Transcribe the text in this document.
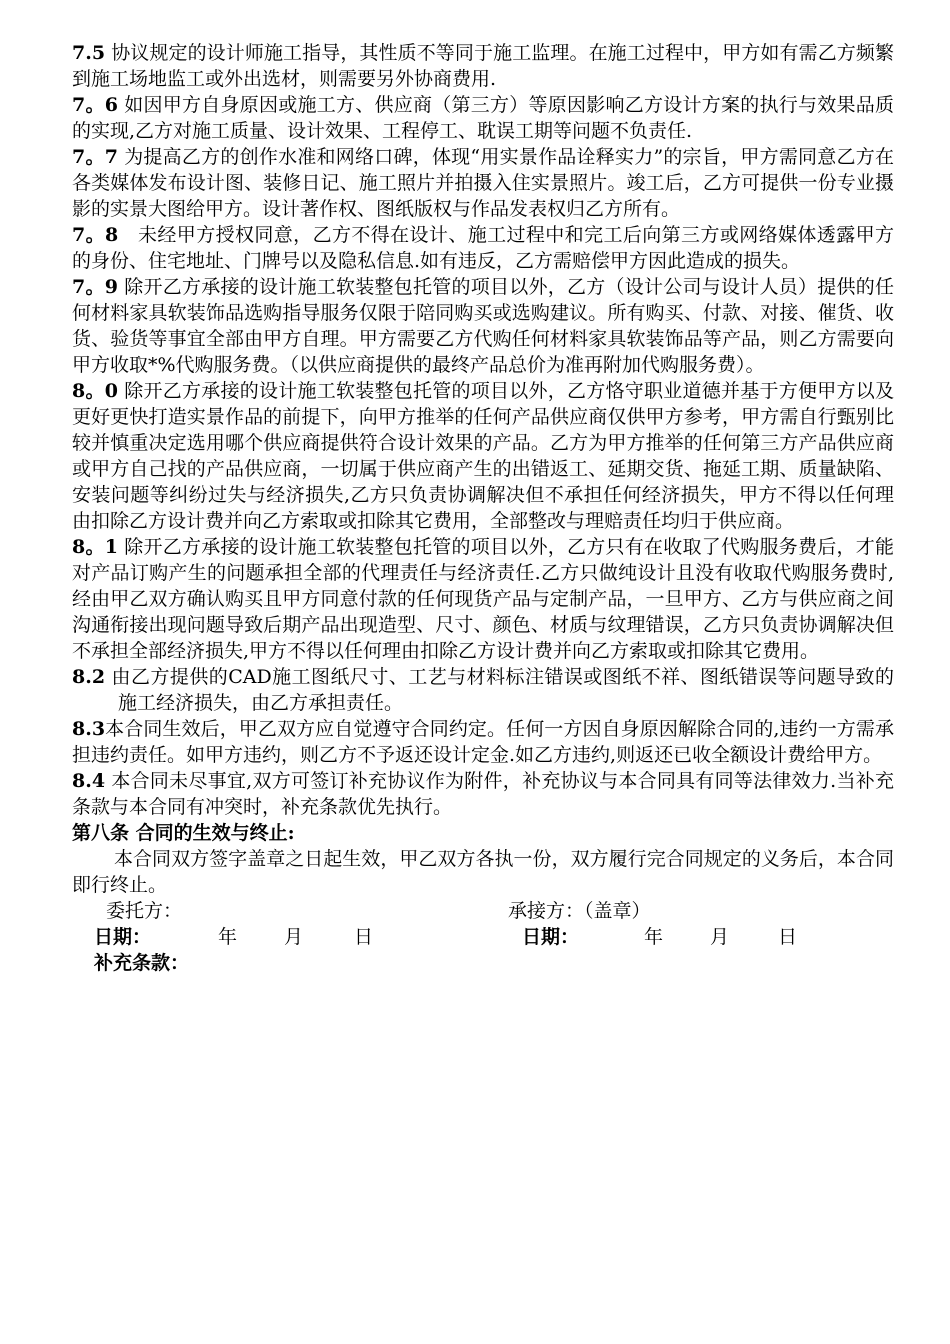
7.5 协议规定的设计师施工指导，其性质不等同于施工监理。在施工过程中，甲方如有需乙方频繁到施工场地监工或外出选材，则需要另外协商费用.

7。6 如因甲方自身原因或施工方、供应商（第三方）等原因影响乙方设计方案的执行与效果品质的实现,乙方对施工质量、设计效果、工程停工、耽误工期等问题不负责任.

7。7 为提高乙方的创作水准和网络口碑，体现“用实景作品诠释实力”的宗旨，甲方需同意乙方在各类媒体发布设计图、装修日记、施工照片并拍摄入住实景照片。竣工后，乙方可提供一份专业摄影的实景大图给甲方。设计著作权、图纸版权与作品发表权归乙方所有。

7。8　未经甲方授权同意，乙方不得在设计、施工过程中和完工后向第三方或网络媒体透露甲方的身份、住宅地址、门牌号以及隐私信息.如有违反，乙方需赔偿甲方因此造成的损失。

7。9 除开乙方承接的设计施工软装整包托管的项目以外，乙方（设计公司与设计人员）提供的任何材料家具软装饰品选购指导服务仅限于陪同购买或选购建议。所有购买、付款、对接、催货、收货、验货等事宜全部由甲方自理。甲方需要乙方代购任何材料家具软装饰品等产品，则乙方需要向甲方收取*%代购服务费。（以供应商提供的最终产品总价为准再附加代购服务费）。

8。0 除开乙方承接的设计施工软装整包托管的项目以外，乙方恪守职业道德并基于方便甲方以及更好更快打造实景作品的前提下，向甲方推举的任何产品供应商仅供甲方参考，甲方需自行甄别比较并慎重决定选用哪个供应商提供符合设计效果的产品。乙方为甲方推举的任何第三方产品供应商或甲方自己找的产品供应商，一切属于供应商产生的出错返工、延期交货、拖延工期、质量缺陷、安装问题等纠纷过失与经济损失,乙方只负责协调解决但不承担任何经济损失，甲方不得以任何理由扣除乙方设计费并向乙方索取或扣除其它费用，全部整改与理赔责任均归于供应商。

8。1 除开乙方承接的设计施工软装整包托管的项目以外，乙方只有在收取了代购服务费后，才能对产品订购产生的问题承担全部的代理责任与经济责任.乙方只做纯设计且没有收取代购服务费时,经由甲乙双方确认购买且甲方同意付款的任何现货产品与定制产品，一旦甲方、乙方与供应商之间沟通衔接出现问题导致后期产品出现造型、尺寸、颜色、材质与纹理错误，乙方只负责协调解决但不承担全部经济损失,甲方不得以任何理由扣除乙方设计费并向乙方索取或扣除其它费用。

8.2 由乙方提供的CAD施工图纸尺寸、工艺与材料标注错误或图纸不祥、图纸错误等问题导致的施工经济损失，由乙方承担责任。

8.3本合同生效后，甲乙双方应自觉遵守合同约定。任何一方因自身原因解除合同的,违约一方需承担违约责任。如甲方违约，则乙方不予返还设计定金.如乙方违约,则返还已收全额设计费给甲方。

8.4 本合同未尽事宜,双方可签订补充协议作为附件，补充协议与本合同具有同等法律效力.当补充条款与本合同有冲突时，补充条款优先执行。

第八条 合同的生效与终止:

本合同双方签字盖章之日起生效，甲乙双方各执一份，双方履行完合同规定的义务后，本合同即行终止。

委托方：	承接方：（盖章）
日期：	年 月	日	日期：	年 月	日
补充条款：
